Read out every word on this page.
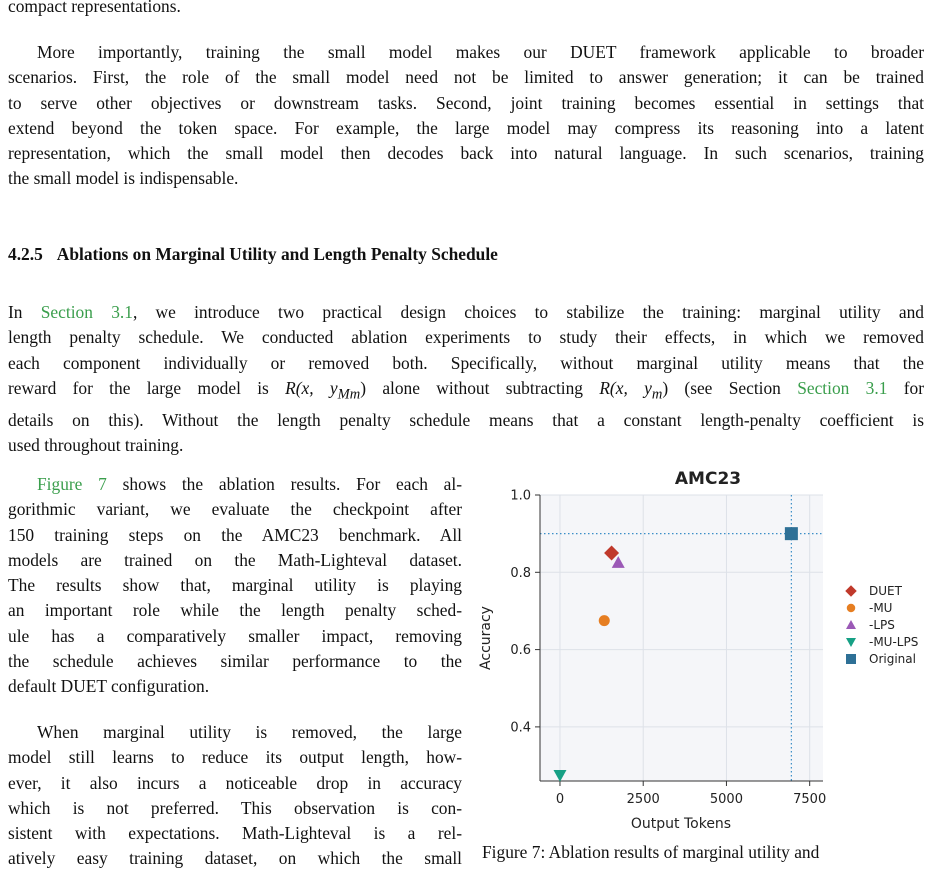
compact representations.
More importantly, training the small model makes our DUET framework applicable to broader
scenarios. First, the role of the small model need not be limited to answer generation; it can be trained
to serve other objectives or downstream tasks. Second, joint training becomes essential in settings that
extend beyond the token space. For example, the large model may compress its reasoning into a latent
representation, which the small model then decodes back into natural language. In such scenarios, training
the small model is indispensable.
4.2.5 Ablations on Marginal Utility and Length Penalty Schedule
In Section 3.1, we introduce two practical design choices to stabilize the training: marginal utility and
length penalty schedule. We conducted ablation experiments to study their effects, in which we removed
each component individually or removed both. Specifically, without marginal utility means that the
reward for the large model is R(x, $y_{Mm}$) alone without subtracting R(x, $y_m$) (see Section Section 3.1 for
details on this). Without the length penalty schedule means that a constant length-penalty coefficient is
used throughout training.
Figure 7 shows the ablation results. For each al-
gorithmic variant, we evaluate the checkpoint after
150 training steps on the AMC23 benchmark. All
models are trained on the Math-Lighteval dataset.
The results show that, marginal utility is playing
an important role while the length penalty sched-
ule has a comparatively smaller impact, removing
the schedule achieves similar performance to the
default DUET configuration.
When marginal utility is removed, the large
model still learns to reduce its output length, how-
ever, it also incurs a noticeable drop in accuracy
which is not preferred. This observation is con-
sistent with expectations. Math-Lighteval is a rel-
atively easy training dataset, on which the small
0	2500	5000	7500
0.4
0.6
0.8
1.0
AMC23
Output Tokens
Accuracy
DUET
-MU
-LPS
-MU-LPS
Original
Figure 7: Ablation results of marginal utility and
